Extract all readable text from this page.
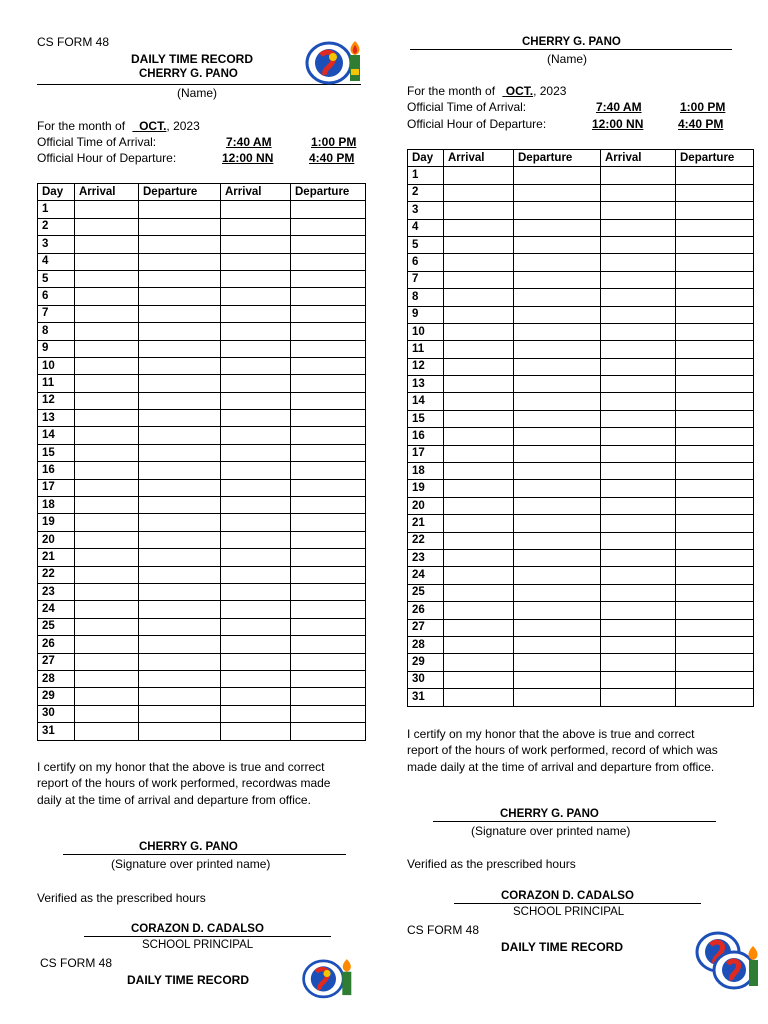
CS FORM 48
DAILY TIME RECORD
CHERRY G. PANO
(Name)
For the month of OCT., 2023
Official Time of Arrival:	7:40 AM	1:00 PM
Official Hour of Departure:	12:00 NN	4:40 PM
Day	Arrival	Departure	Arrival	Departure
1				
2				
3				
4				
5				
6				
7				
8				
9				
10				
11				
12				
13				
14				
15				
16				
17				
18				
19				
20				
21				
22				
23				
24				
25				
26				
27				
28				
29				
30				
31				
I certify on my honor that the above is true and correct report of the hours of work performed, recordwas made daily at the time of arrival and departure from office.
CHERRY G. PANO
(Signature over printed name)
Verified as the prescribed hours
CORAZON D. CADALSO
SCHOOL PRINCIPAL
CS FORM 48
DAILY TIME RECORD
CHERRY G. PANO
(Name)
For the month of OCT., 2023
Official Time of Arrival:	7:40 AM	1:00 PM
Official Hour of Departure:	12:00 NN	4:40 PM
Day	Arrival	Departure	Arrival	Departure
1				
2				
3				
4				
5				
6				
7				
8				
9				
10				
11				
12				
13				
14				
15				
16				
17				
18				
19				
20				
21				
22				
23				
24				
25				
26				
27				
28				
29				
30				
31				
I certify on my honor that the above is true and correct report of the hours of work performed, record of which was made daily at the time of arrival and departure from office.
CHERRY G. PANO
(Signature over printed name)
Verified as the prescribed hours
CORAZON D. CADALSO
SCHOOL PRINCIPAL
CS FORM 48
DAILY TIME RECORD
